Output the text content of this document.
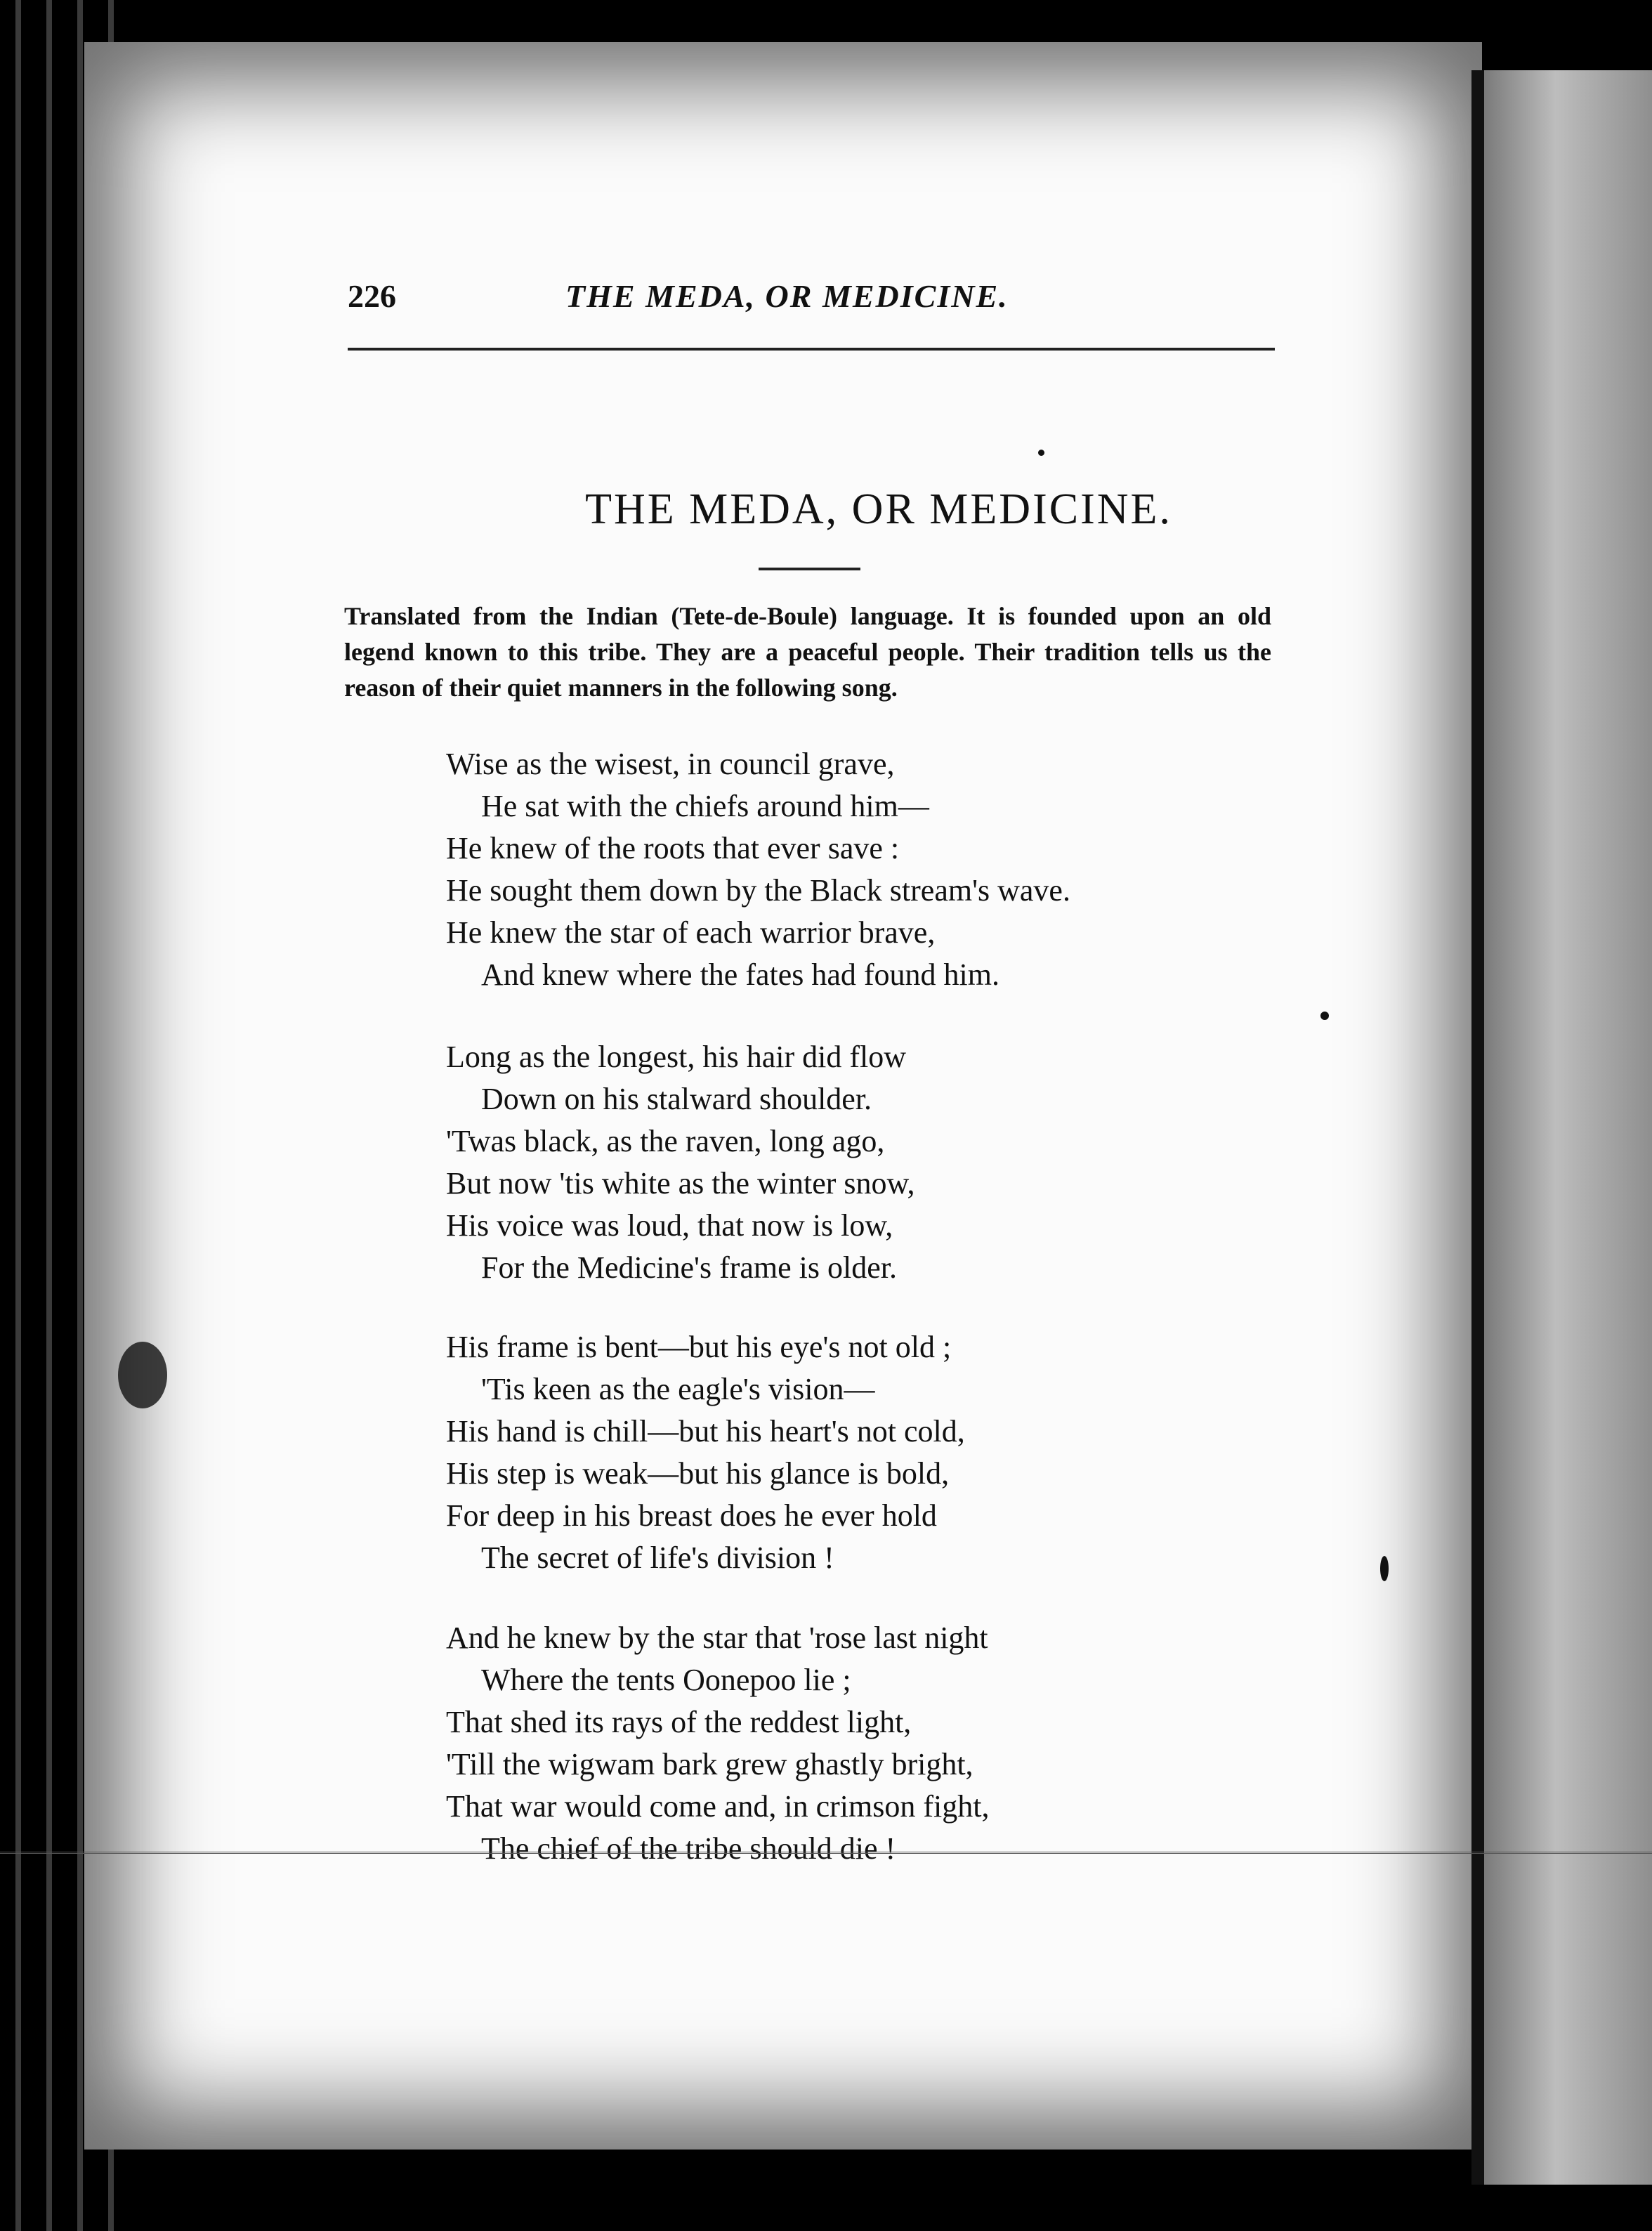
226	THE MEDA, OR MEDICINE.
THE MEDA, OR MEDICINE.
Translated from the Indian (Tete-de-Boule) language. It is founded upon an old legend known to this tribe. They are a peaceful people. Their tradition tells us the reason of their quiet manners in the following song.
Wise as the wisest, in council grave,
He sat with the chiefs around him—
He knew of the roots that ever save :
He sought them down by the Black stream's wave.
He knew the star of each warrior brave,
And knew where the fates had found him.
Long as the longest, his hair did flow
Down on his stalward shoulder.
'Twas black, as the raven, long ago,
But now 'tis white as the winter snow,
His voice was loud, that now is low,
For the Medicine's frame is older.
His frame is bent—but his eye's not old ;
'Tis keen as the eagle's vision—
His hand is chill—but his heart's not cold,
His step is weak—but his glance is bold,
For deep in his breast does he ever hold
The secret of life's division !
And he knew by the star that 'rose last night
Where the tents Oonepoo lie ;
That shed its rays of the reddest light,
'Till the wigwam bark grew ghastly bright,
That war would come and, in crimson fight,
The chief of the tribe should die !
